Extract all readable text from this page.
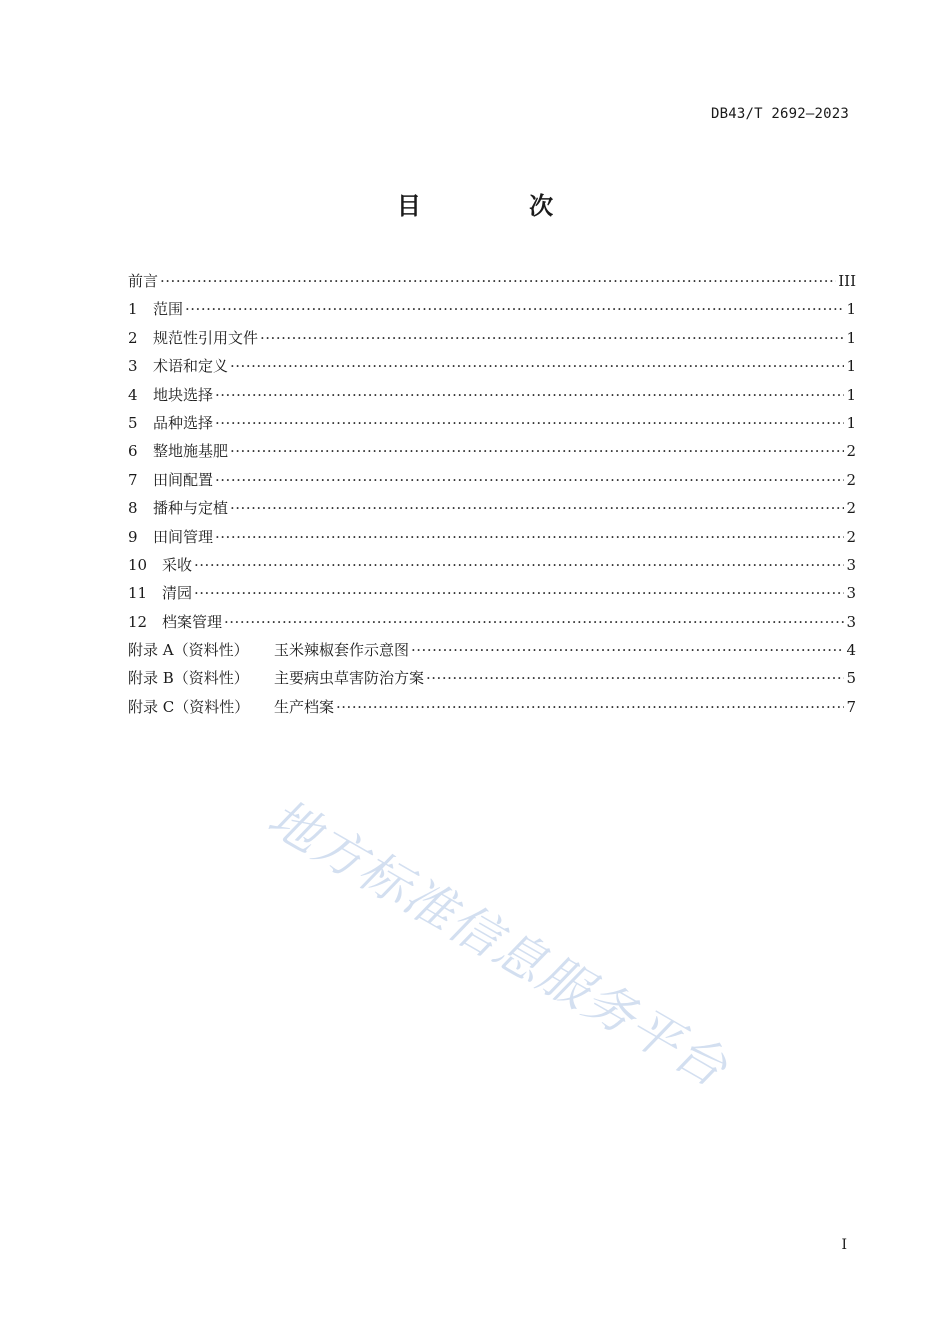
DB43/T 2692—2023
目 次
前言 ·····	III
1	范围 ·····	1
2	规范性引用文件 ·····	1
3	术语和定义 ·····	1
4	地块选择 ·····	1
5	品种选择 ·····	1
6	整地施基肥 ·····	2
7	田间配置 ·····	2
8	播种与定植 ·····	2
9	田间管理 ·····	2
10 采收 ·····	3
11 清园 ·····	3
12 档案管理 ·····	3
附录 A（资料性）	玉米辣椒套作示意图 ·····	4
附录 B（资料性）	主要病虫草害防治方案 ·····	5
附录 C（资料性）	生产档案 ·····	7
地方标准信息服务平台
I
